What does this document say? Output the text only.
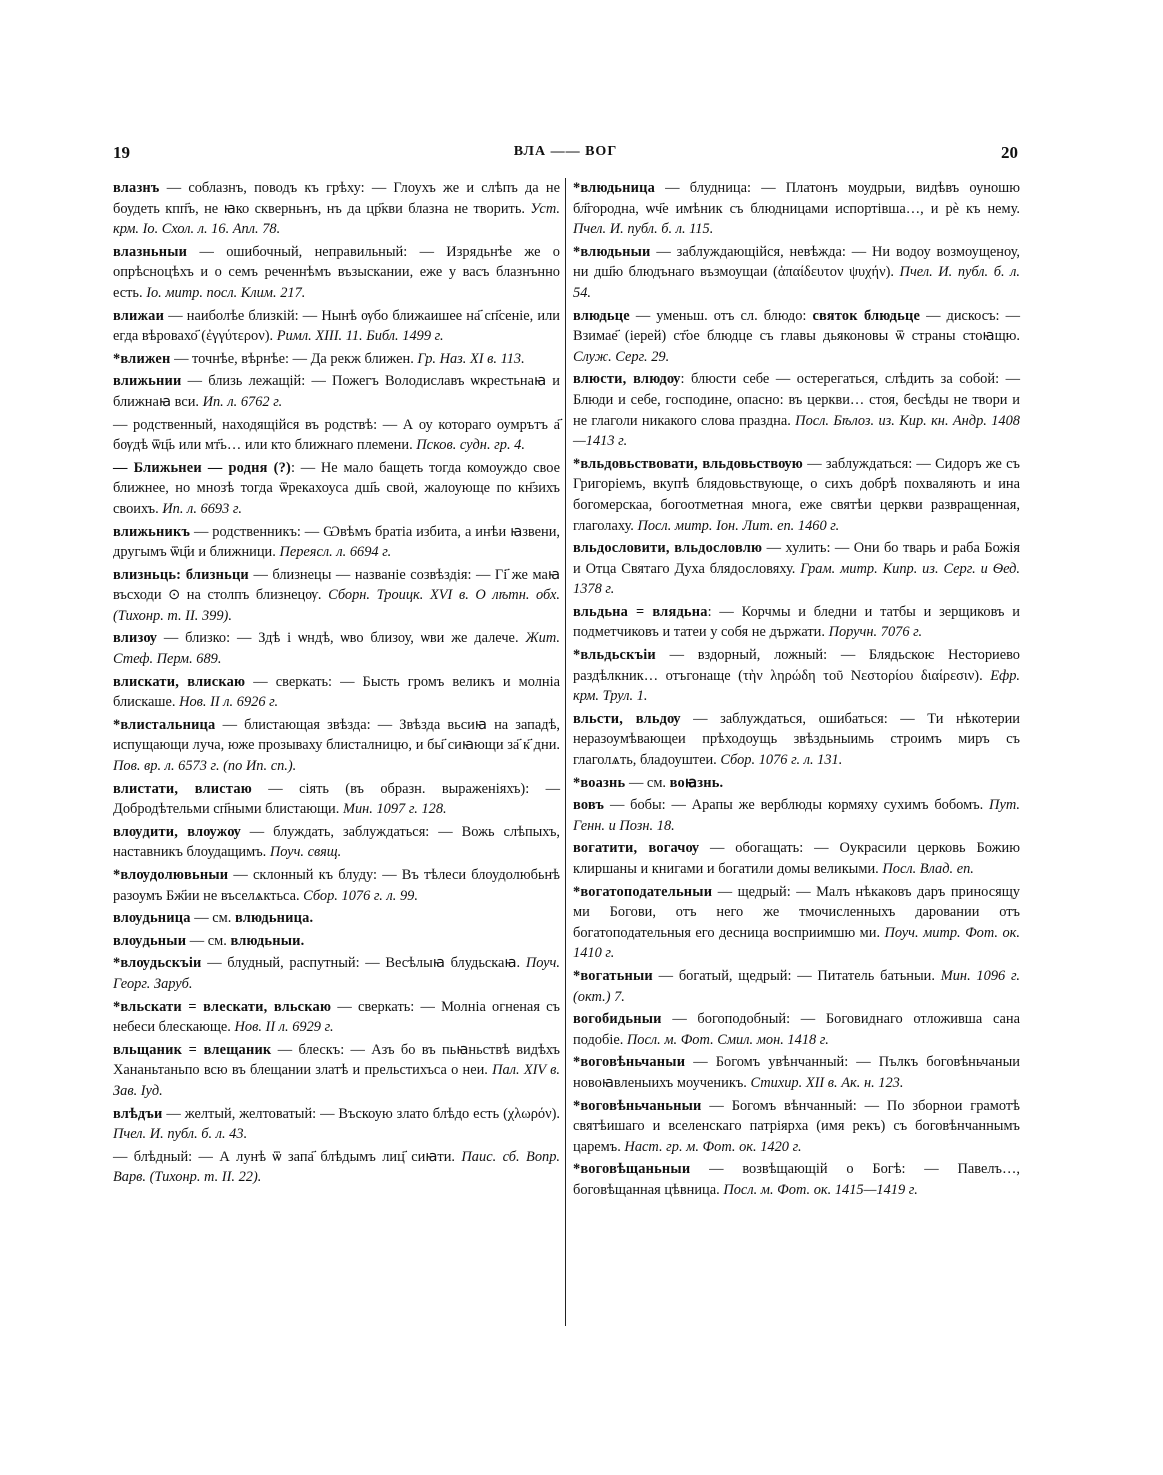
19	ВЛА —— ВОГ	20

влазнъ — соблазнъ, поводъ къ грѣху: — Глоухъ же и слѣпъ да не боудеть кпп҃ъ, не ꙗко скверньнъ, нъ да цр҃кви блазна не творить. Уст. крм. Іо. Схол. л. 16. Апл. 78.

влазньныи — ошибочный, неправильный: — Изрядьнѣе же о опрѣсноцѣхъ и о семъ реченнѣмъ възыскании, еже у васъ блазнънно есть. Іо. митр. посл. Клим. 217.

влижаи — наиболѣе близкій: — Нынѣ ѹбо ближаишее на҃ сп҃сеніе, или егда вѣровахо҃ (ἐγγύτερον). Римл. XIII. 11. Библ. 1499 г.

*влижен — точнѣе, вѣрнѣе: — Да рекж ближен. Гр. Наз. XI в. 113.

влижьнии — близь лежащій: — Пожегъ Володиславъ ѡкрестьнаꙗ и ближнаꙗ вси. Ип. л. 6762 г.

— родственный, находящійся въ родствѣ: — А оу котораго оумрътъ а҃ бѹдѣ ѿц҃ь или мт҃ь… или кто ближнаго племени. Псков. судн. гр. 4.

— Ближьнеи — родня (?): — Не мало бащеть тогда комоуждо свое ближнее, но мнозѣ тогда ѿрекахоуса дш҃ь своӥ, жалоующе по кн҃зихъ своихъ. Ип. л. 6693 г.

влижьникъ — родственникъ: — Ѡвѣмъ братіа избита, а инѣи ꙗзвени, другымъ ѿц҃и и ближници. Переясл. л. 6694 г.

влизньць: близньци — близнецы — названіе созвѣздія: — Гі҃ же маꙗ въсходи ⊙ на столпъ близнецѹ. Сборн. Троицк. XVI в. О лѣтн. обх. (Тихонр. т. II. 399).

влизѹ — близко: — Здѣ і ѡндѣ, ѡво близоу, ѡви же далече. Жит. Стеф. Перм. 689.

влискати, влискаю — сверкать: — Бысть громъ великъ и молніа блискаше. Нов. II л. 6926 г.

*влистальница — блистающая звѣзда: — Звѣзда вьсиꙗ на западѣ, испущающи луча, юже прозываху блисталницю, и бы҃ сиꙗющи за҃ к҃ дни. Пов. вр. л. 6573 г. (по Ип. сп.).

влистати, влистаю — сіять (въ образн. выраженіяхъ): — Добродѣтельми сп҃ными блистающи. Мин. 1097 г. 128.

влѹдити, влѹжѹ — блуждать, заблуждаться: — Вожь слѣпыхъ, наставникъ блоудащимъ. Поуч. свящ.

*влѹдолювьныи — склонный къ блуду: — Въ тѣлеси блоудолюбьнѣ разоумъ Бж҃ии не въселѧктьса. Сбор. 1076 г. л. 99.

влѹдьница — см. влюдьница.

влѹдьныи — см. влюдьныи.

*влѹдьскъіи — блудный, распутный: — Весѣлыꙗ блудьскаꙗ. Поуч. Георг. Заруб.

*вльскати = влескати, вльскаю — сверкать: — Молніа огненая съ небеси блескающе. Нов. II л. 6929 г.

вльщаник = влещаник — блескъ: — Азъ бо въ пьꙗньствѣ видѣхъ Хананьтаньпо всю въ блещании златѣ и прельстихъса о неи. Пал. XIV в. Зав. Іуд.

влѣдъи — желтый, желтоватый: — Въскоую злато блѣдо есть (χλωρόν). Пчел. И. публ. б. л. 43.

— блѣдный: — А лунѣ ѿ запа҃ блѣдымъ лиц҃ сиꙗти. Паис. сб. Вопр. Варв. (Тихонр. т. II. 22).

*влюдьница — блудница: — Платонъ моудрыи, видѣвъ оуношю бл҃городна, ѡч҃е имѣник съ блюдницами испортівша…, и рѐ къ нему. Пчел. И. публ. б. л. 115.

*влюдьныи — заблуждающійся, невѣжда: — Ни водоу возмоущеноу, ни дш҃ю блюдънаго възмоущаи (ἀπαίδευτον ψυχήν). Пчел. И. публ. б. л. 54.

влюдьце — уменьш. отъ сл. блюдо: святок блюдьце — дискосъ: — Взимае҃ (iерей) ст҃ое блюдце съ главы дьяконовы ѿ страны стоꙗщю. Служ. Серг. 29.

влюсти, влюдѹ: блюсти себе — остерегаться, слѣдить за собой: — Блюди и себе, господине, опасно: въ церкви… стоя, бесѣды не твори и не глаголи никакого слова праздна. Посл. Бѣлоз. из. Кир. кн. Андр. 1408—1413 г.

*вльдовьствовати, вльдовьствѹю — заблуждаться: — Сидоръ же съ Григоріемъ, вкупѣ блядовьствующе, о сихъ добрѣ похваляють и ина богомерскаа, богоотметная многа, еже святѣи церкви развращенная, глаголаху. Посл. митр. Іон. Лит. еп. 1460 г.

вльдословити, вльдословлю — хулить: — Они бо тварь и раба Божія и Отца Святаго Духа блядословяху. Грам. митр. Кипр. из. Серг. и Ѳед. 1378 г.

вльдьна = влядьна: — Корчмы и бледни и татбы и зерщиковъ и подметчиковъ и татеи у собя не държати. Поручн. 7076 г.

*вльдьскъіи — вздорный, ложный: — Блядьскоѥ Несториево раздѣлкник… отъгонаще (τὴν ληρώδη τοῦ Νεστορίου διαίρεσιν). Ефр. крм. Трул. 1.

вльсти, вльдѹ — заблуждаться, ошибаться: — Ти нѣкотерии неразоумѣвающеи прѣходоущь звѣздьныимь строимъ миръ съ глаголѧть, бладоуштеи. Сбор. 1076 г. л. 131.

*воазнь — см. воꙗзнь.

вовъ — бобы: — Арапы же верблюды кормяху сухимъ бобомъ. Пут. Генн. и Позн. 18.

вогатити, вогачѹ — обогащать: — Оукрасили церковь Божию клиршаны и книгами и богатили домы великыми. Посл. Влад. еп.

*вогатоподательныи — щедрый: — Малъ нѣкаковъ даръ приносящу ми Богови, отъ него же тмочисленныхъ даровании отъ богатоподательныя его десница восприимшю ми. Поуч. митр. Фот. ок. 1410 г.

*вогатьныи — богатый, щедрый: — Питатель батьныи. Мин. 1096 г. (окт.) 7.

вогобидьныи — богоподобный: — Боговиднаго отложивша сана подобіе. Посл. м. Фот. Смил. мон. 1418 г.

*воговѣньчаныи — Богомъ увѣнчанный: — Пълкъ боговѣньчаныи новоꙗвленыихъ моученикъ. Стихир. XII в. Ак. н. 123.

*воговѣньчаньныи — Богомъ вѣнчанный: — По зборнои грамотѣ святѣишаго и вселенскаго патріярха (имя рекъ) съ боговѣнчаннымъ царемъ. Наст. гр. м. Фот. ок. 1420 г.

*воговѣщаньныи — возвѣщающій о Богѣ: — Павелъ…, боговѣщанная цѣвница. Посл. м. Фот. ок. 1415—1419 г.
